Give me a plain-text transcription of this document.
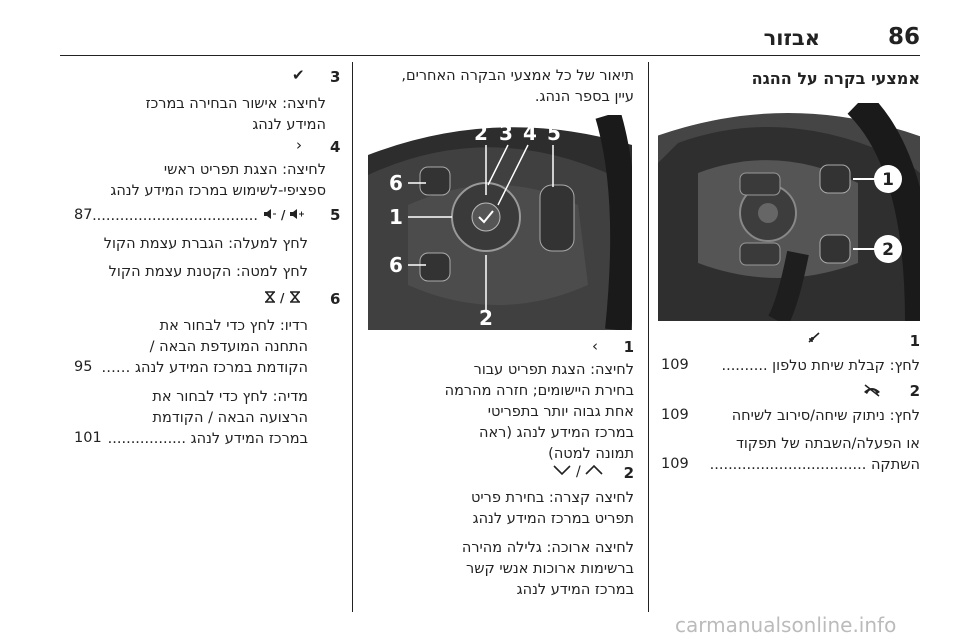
אבזור	86
אמצעי בקרה על ההגה
1
2
1
לחץ: קבלת שיחת טלפון ..........
109
2
לחץ: ניתוק שיחה/סירוב לשיחה
109
או הפעלה/השבתה של תפקוד
השתקה ..................................
109
תיאור של כל אמצעי הבקרה האחרים,
עיין בספר הנהג.
2 3 4 5
6
1
6
2
1
‹
לחיצה: הצגת תפריט עבור
בחירת היישומים; חזרה מהרמה
אחת גבוה יותר בתפריטי
במרכז המידע לנהג (ראה
תמונה למטה)
2
/
לחיצה קצרה: בחירת פריט
תפריט במרכז המידע לנהג
לחיצה ארוכה: גלילה מהירה
ברשימות ארוכות אנשי קשר
במרכז המידע לנהג
3
✔
לחיצה: אישור הבחירה במרכז
המידע לנהג
4
›
לחיצה: הצגת תפריט ראשי
ספציפי-לשימוש במרכז המידע לנהג
5
/
....................................
87
לחץ למעלה: הגברת עצמת הקול
לחץ למטה: הקטנת עצמת הקול
6
/
רדיו: לחץ כדי לבחור את
התחנה המועדפת הבאה /
הקודמת במרכז המידע לנהג ……
95
מדיה: לחץ כדי לבחור את
הרצועה הבאה / הקודמת
במרכז המידע לנהג .................
101
carmanualsonline.info
